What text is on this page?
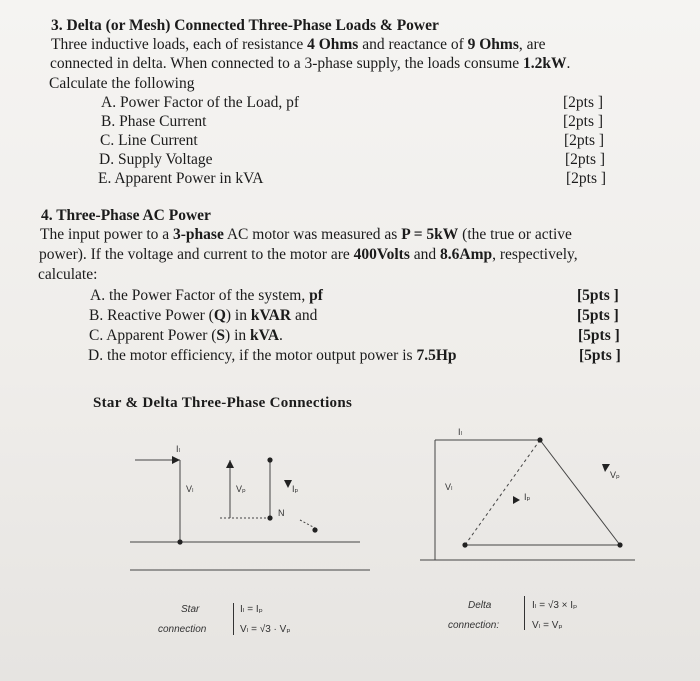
3. Delta (or Mesh) Connected Three-Phase Loads & Power
Three inductive loads, each of resistance 4 Ohms and reactance of 9 Ohms, are
connected in delta. When connected to a 3-phase supply, the loads consume 1.2kW.
Calculate the following
A. Power Factor of the Load, pf
B. Phase Current
C. Line Current
D. Supply Voltage
E. Apparent Power in kVA
[2pts ]
[2pts ]
[2pts ]
[2pts ]
[2pts ]
4. Three-Phase AC Power
The input power to a 3-phase AC motor was measured as P = 5kW (the true or active
power). If the voltage and current to the motor are 400Volts and 8.6Amp, respectively,
calculate:
A. the Power Factor of the system, pf
B. Reactive Power (Q) in kVAR and
C. Apparent Power (S) in kVA.
D. the motor efficiency, if the motor output power is 7.5Hp
[5pts ]
[5pts ]
[5pts ]
[5pts ]
Star & Delta Three-Phase Connections
Iₗ
Vₗ	Vₚ	Iₚ
N
Iₗ
Vₗ
Vₚ
Iₚ
Star
connection
Iₗ = Iₚ
Vₗ = √3 · Vₚ
Delta
connection:
Iₗ = √3 × Iₚ
Vₗ = Vₚ
